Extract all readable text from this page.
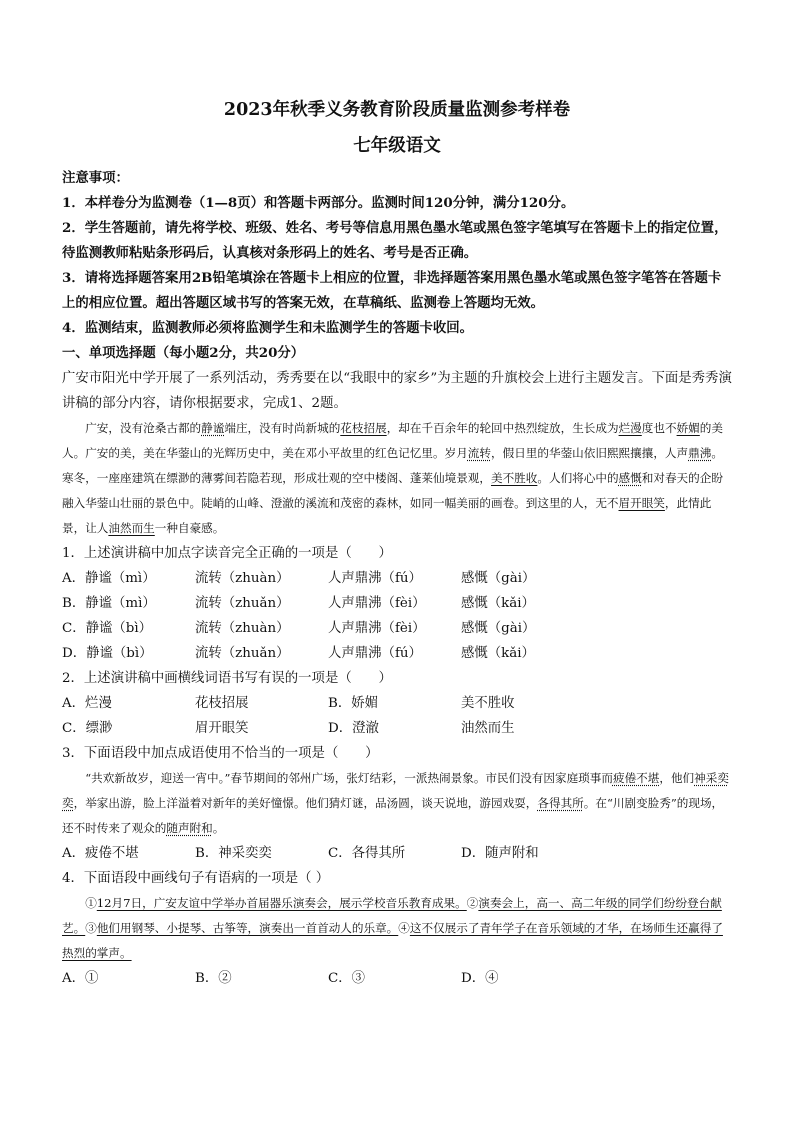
2023年秋季义务教育阶段质量监测参考样卷
七年级语文

注意事项：

1．本样卷分为监测卷（1—8页）和答题卡两部分。监测时间120分钟，满分120分。

2．学生答题前，请先将学校、班级、姓名、考号等信息用黑色墨水笔或黑色签字笔填写在答题卡上的指定位置，待监测教师粘贴条形码后，认真核对条形码上的姓名、考号是否正确。

3．请将选择题答案用2B铅笔填涂在答题卡上相应的位置，非选择题答案用黑色墨水笔或黑色签字笔答在答题卡上的相应位置。超出答题区域书写的答案无效，在草稿纸、监测卷上答题均无效。

4．监测结束，监测教师必须将监测学生和未监测学生的答题卡收回。

一、单项选择题（每小题2分，共20分）

广安市阳光中学开展了一系列活动，秀秀要在以“我眼中的家乡”为主题的升旗校会上进行主题发言。下面是秀秀演讲稿的部分内容，请你根据要求，完成1、2题。

广安，没有沧桑古都的静谧端庄，没有时尚新城的花枝招展，却在千百余年的轮回中热烈绽放，生长成为烂漫度也不娇媚的美人。广安的美，美在华蓥山的光辉历史中，美在邓小平故里的红色记忆里。岁月流转，假日里的华蓥山依旧熙熙攘攘，人声鼎沸。寒冬，一座座建筑在缥渺的薄雾间若隐若现，形成壮观的空中楼阁、蓬莱仙境景观，美不胜收。人们将心中的感慨和对春天的企盼融入华蓥山壮丽的景色中。陡峭的山峰、澄澈的溪流和茂密的森林，如同一幅美丽的画卷。到这里的人，无不眉开眼笑，此情此景，让人油然而生一种自豪感。

1．上述演讲稿中加点字读音完全正确的一项是（　　）

A．静谧（mì）	流转（zhuàn）	人声鼎沸（fú）	感慨（gài）
B．静谧（mì）	流转（zhuǎn）	人声鼎沸（fèi）	感慨（kǎi）
C．静谧（bì）	流转（zhuàn）	人声鼎沸（fèi）	感慨（gài）
D．静谧（bì）	流转（zhuǎn）	人声鼎沸（fú）	感慨（kǎi）

2．上述演讲稿中画横线词语书写有误的一项是（　　）

A．烂漫	花枝招展	B．娇媚	美不胜收
C．缥渺	眉开眼笑	D．澄澈	油然而生

3．下面语段中加点成语使用不恰当的一项是（　　）

“共欢新故岁，迎送一宵中。”春节期间的邻州广场，张灯结彩，一派热闹景象。市民们没有因家庭琐事而疲倦不堪，他们神采奕奕，举家出游，脸上洋溢着对新年的美好憧憬。他们猜灯谜，品汤圆，谈天说地，游园戏耍，各得其所。在“川剧变脸秀”的现场，还不时传来了观众的随声附和。

A．疲倦不堪	B．神采奕奕	C．各得其所	D．随声附和

4．下面语段中画线句子有语病的一项是（ ）

①12月7日，广安友谊中学举办首届器乐演奏会，展示学校音乐教育成果。②演奏会上，高一、高二年级的同学们纷纷登台献艺。③他们用钢琴、小提琴、古筝等，演奏出一首首动人的乐章。④这不仅展示了青年学子在音乐领域的才华，在场师生还赢得了热烈的掌声。

A．①	B．②	C．③	D．④
